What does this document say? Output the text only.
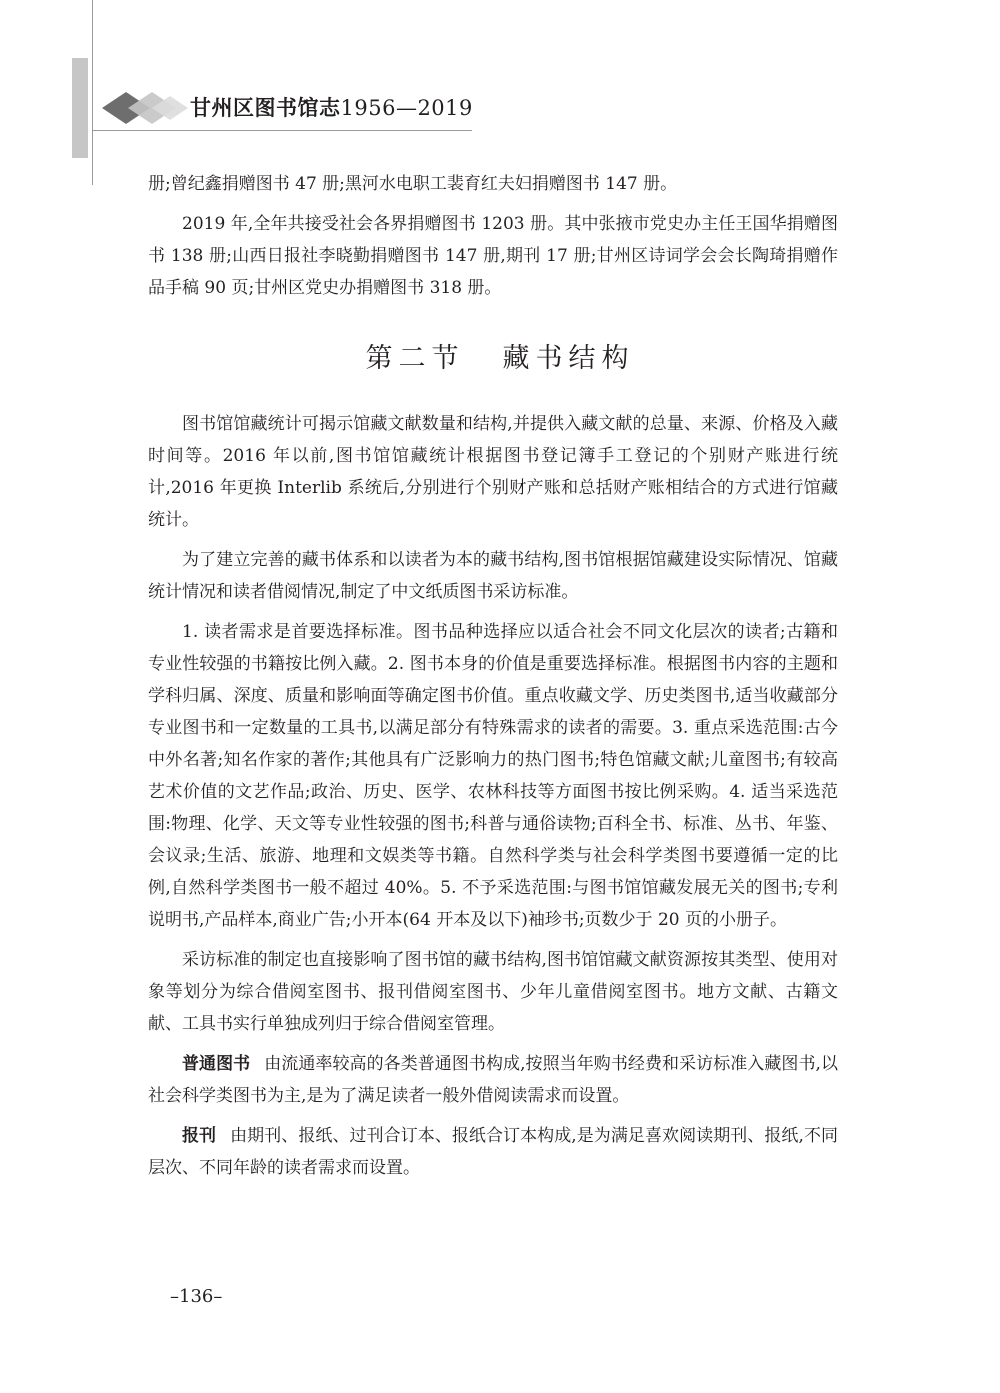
甘州区图书馆志1956—2019

册;曾纪鑫捐赠图书 47 册;黑河水电职工裴育红夫妇捐赠图书 147 册。

2019 年,全年共接受社会各界捐赠图书 1203 册。其中张掖市党史办主任王国华捐赠图书 138 册;山西日报社李晓勤捐赠图书 147 册,期刊 17 册;甘州区诗词学会会长陶琦捐赠作品手稿 90 页;甘州区党史办捐赠图书 318 册。

第二节 藏书结构

图书馆馆藏统计可揭示馆藏文献数量和结构,并提供入藏文献的总量、来源、价格及入藏时间等。2016 年以前,图书馆馆藏统计根据图书登记簿手工登记的个别财产账进行统计,2016 年更换 Interlib 系统后,分别进行个别财产账和总括财产账相结合的方式进行馆藏统计。

为了建立完善的藏书体系和以读者为本的藏书结构,图书馆根据馆藏建设实际情况、馆藏统计情况和读者借阅情况,制定了中文纸质图书采访标准。

1. 读者需求是首要选择标准。图书品种选择应以适合社会不同文化层次的读者;古籍和专业性较强的书籍按比例入藏。2. 图书本身的价值是重要选择标准。根据图书内容的主题和学科归属、深度、质量和影响面等确定图书价值。重点收藏文学、历史类图书,适当收藏部分专业图书和一定数量的工具书,以满足部分有特殊需求的读者的需要。3. 重点采选范围:古今中外名著;知名作家的著作;其他具有广泛影响力的热门图书;特色馆藏文献;儿童图书;有较高艺术价值的文艺作品;政治、历史、医学、农林科技等方面图书按比例采购。4. 适当采选范围:物理、化学、天文等专业性较强的图书;科普与通俗读物;百科全书、标准、丛书、年鉴、会议录;生活、旅游、地理和文娱类等书籍。自然科学类与社会科学类图书要遵循一定的比例,自然科学类图书一般不超过 40%。5. 不予采选范围:与图书馆馆藏发展无关的图书;专利说明书,产品样本,商业广告;小开本(64 开本及以下)袖珍书;页数少于 20 页的小册子。

采访标准的制定也直接影响了图书馆的藏书结构,图书馆馆藏文献资源按其类型、使用对象等划分为综合借阅室图书、报刊借阅室图书、少年儿童借阅室图书。地方文献、古籍文献、工具书实行单独成列归于综合借阅室管理。

普通图书 由流通率较高的各类普通图书构成,按照当年购书经费和采访标准入藏图书,以社会科学类图书为主,是为了满足读者一般外借阅读需求而设置。

报刊 由期刊、报纸、过刊合订本、报纸合订本构成,是为满足喜欢阅读期刊、报纸,不同层次、不同年龄的读者需求而设置。

–136–
